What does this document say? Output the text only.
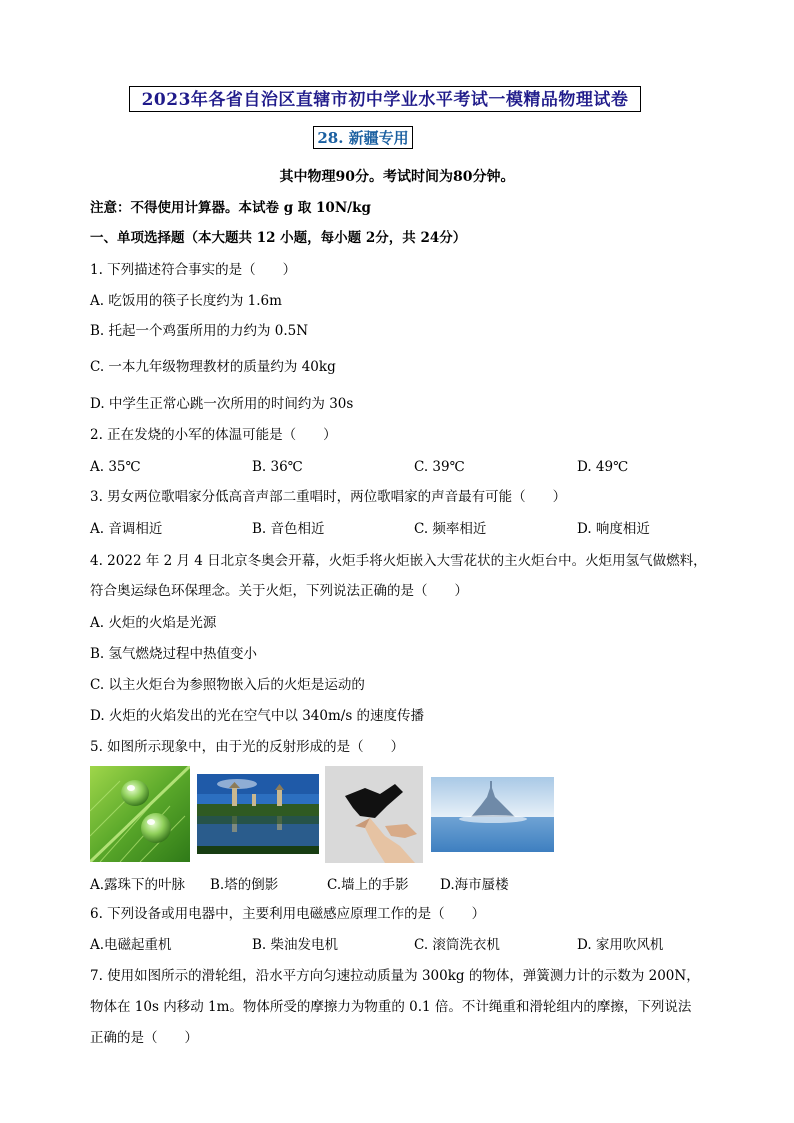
2023年各省自治区直辖市初中学业水平考试一模精品物理试卷
28. 新疆专用
其中物理90分。考试时间为80分钟。
注意：不得使用计算器。本试卷 g 取 10N/kg
一、单项选择题（本大题共 12 小题，每小题 2分，共 24分）
1. 下列描述符合事实的是（　　）
A. 吃饭用的筷子长度约为 1.6m
B. 托起一个鸡蛋所用的力约为 0.5N
C. 一本九年级物理教材的质量约为 40kg
D. 中学生正常心跳一次所用的时间约为 30s
2. 正在发烧的小军的体温可能是（　　）
A. 35℃	B. 36℃	C. 39℃	D. 49℃
3. 男女两位歌唱家分低高音声部二重唱时，两位歌唱家的声音最有可能（　　）
A. 音调相近	B. 音色相近	C. 频率相近	D. 响度相近
4. 2022 年 2 月 4 日北京冬奥会开幕，火炬手将火炬嵌入大雪花状的主火炬台中。火炬用氢气做燃料，
符合奥运绿色环保理念。关于火炬，下列说法正确的是（　　）
A. 火炬的火焰是光源
B. 氢气燃烧过程中热值变小
C. 以主火炬台为参照物嵌入后的火炬是运动的
D. 火炬的火焰发出的光在空气中以 340m/s 的速度传播
5. 如图所示现象中，由于光的反射形成的是（　　）
A.露珠下的叶脉 B.塔的倒影	C.墙上的手影 D.海市蜃楼
6. 下列设备或用电器中，主要利用电磁感应原理工作的是（　　）
A.电磁起重机	B. 柴油发电机	C. 滚筒洗衣机	D. 家用吹风机
7. 使用如图所示的滑轮组，沿水平方向匀速拉动质量为 300kg 的物体，弹簧测力计的示数为 200N，
物体在 10s 内移动 1m。物体所受的摩擦力为物重的 0.1 倍。不计绳重和滑轮组内的摩擦，下列说法
正确的是（　　）
